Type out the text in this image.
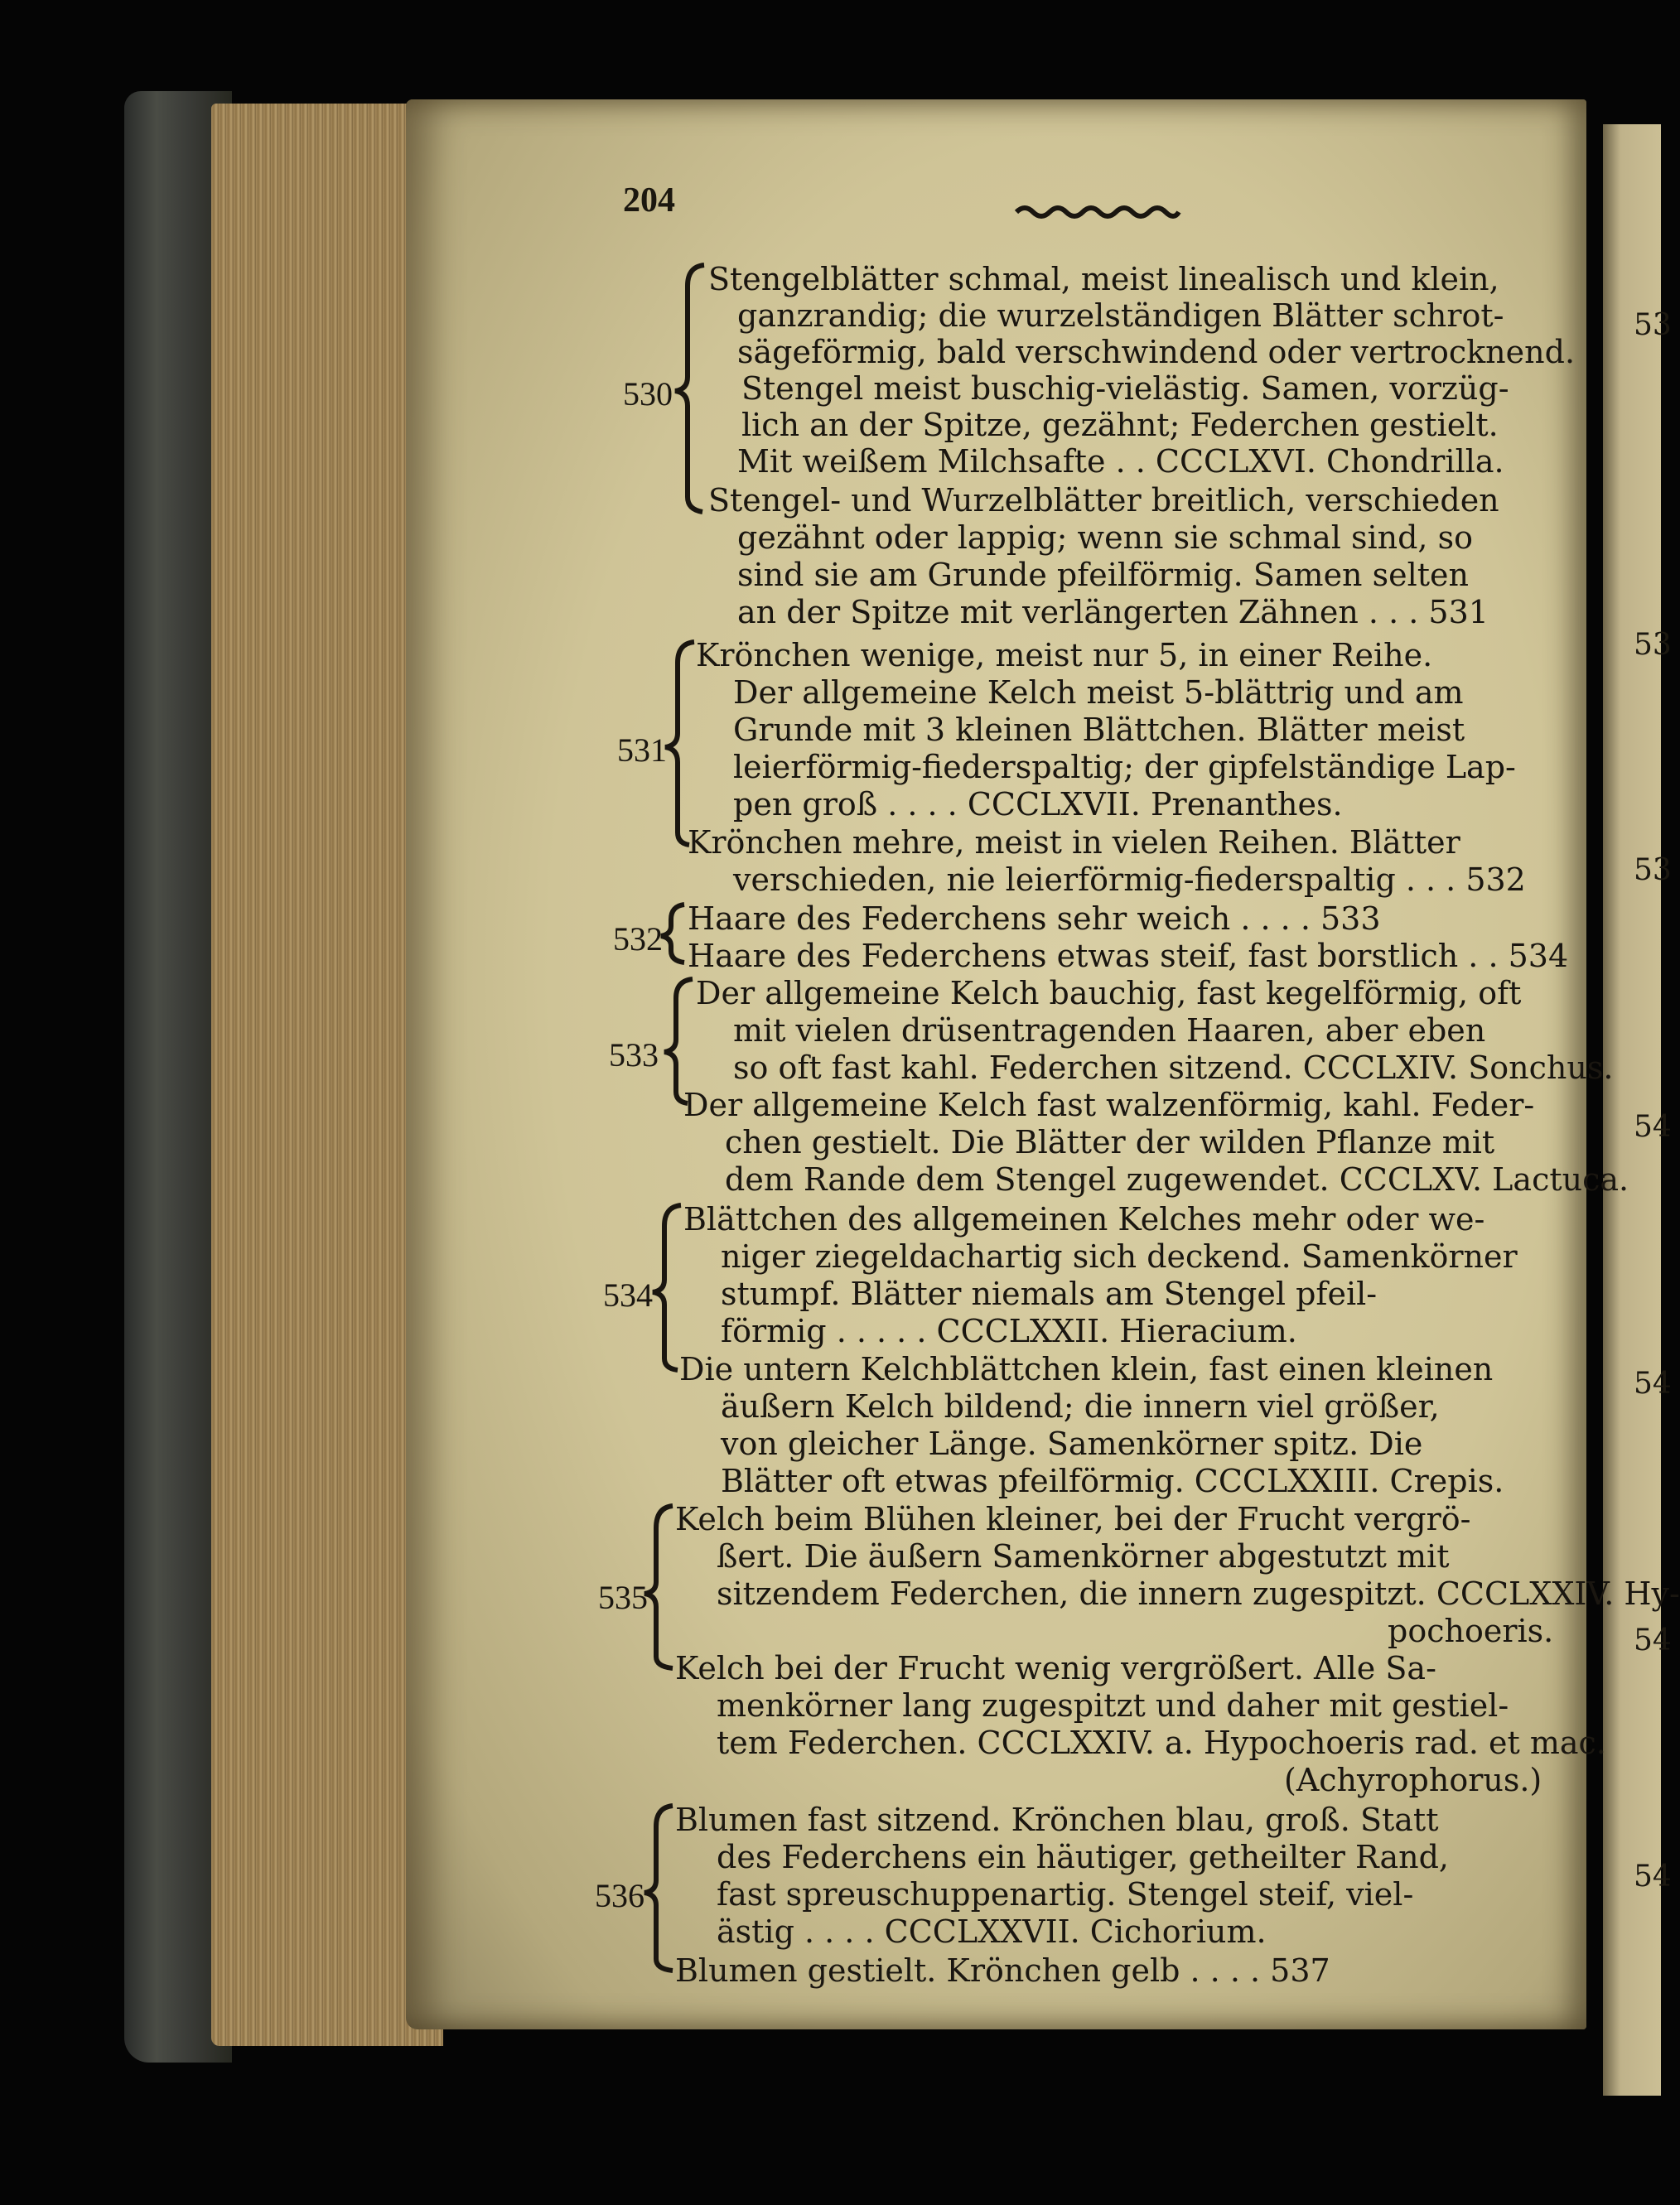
53
53
53
54
54
54
54
204
Stengelblätter schmal, meist linealisch und klein,
ganzrandig; die wurzelständigen Blätter schrot-
sägeförmig, bald verschwindend oder vertrocknend.
Stengel meist buschig-vielästig. Samen, vorzüg-
lich an der Spitze, gezähnt; Federchen gestielt.
Mit weißem Milchsafte . . CCCLXVI. Chondrilla.
Stengel- und Wurzelblätter breitlich, verschieden
gezähnt oder lappig; wenn sie schmal sind, so
sind sie am Grunde pfeilförmig. Samen selten
an der Spitze mit verlängerten Zähnen . . . 531
Krönchen wenige, meist nur 5, in einer Reihe.
Der allgemeine Kelch meist 5-blättrig und am
Grunde mit 3 kleinen Blättchen. Blätter meist
leierförmig-fiederspaltig; der gipfelständige Lap-
pen groß . . . . CCCLXVII. Prenanthes.
Krönchen mehre, meist in vielen Reihen. Blätter
verschieden, nie leierförmig-fiederspaltig . . . 532
Haare des Federchens sehr weich . . . . 533
Haare des Federchens etwas steif, fast borstlich . . 534
Der allgemeine Kelch bauchig, fast kegelförmig, oft
mit vielen drüsentragenden Haaren, aber eben
so oft fast kahl. Federchen sitzend. CCCLXIV. Sonchus.
Der allgemeine Kelch fast walzenförmig, kahl. Feder-
chen gestielt. Die Blätter der wilden Pflanze mit
dem Rande dem Stengel zugewendet. CCCLXV. Lactuca.
Blättchen des allgemeinen Kelches mehr oder we-
niger ziegeldachartig sich deckend. Samenkörner
stumpf. Blätter niemals am Stengel pfeil-
förmig . . . . . CCCLXXII. Hieracium.
Die untern Kelchblättchen klein, fast einen kleinen
äußern Kelch bildend; die innern viel größer,
von gleicher Länge. Samenkörner spitz. Die
Blätter oft etwas pfeilförmig. CCCLXXIII. Crepis.
Kelch beim Blühen kleiner, bei der Frucht vergrö-
ßert. Die äußern Samenkörner abgestutzt mit
sitzendem Federchen, die innern zugespitzt. CCCLXXIV. Hy-
pochoeris.
Kelch bei der Frucht wenig vergrößert. Alle Sa-
menkörner lang zugespitzt und daher mit gestiel-
tem Federchen. CCCLXXIV. a. Hypochoeris rad. et mac.
(Achyrophorus.)
Blumen fast sitzend. Krönchen blau, groß. Statt
des Federchens ein häutiger, getheilter Rand,
fast spreuschuppenartig. Stengel steif, viel-
ästig . . . . CCCLXXVII. Cichorium.
Blumen gestielt. Krönchen gelb . . . . 537
530
531
532
533
534
535
536
